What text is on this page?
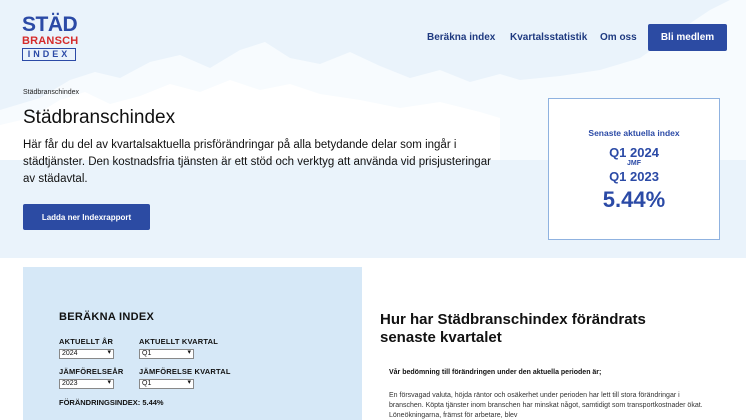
STÄD
BRANSCH
INDEX
Beräkna index Kvartalsstatistik Om oss	Bli medlem
Städbranschindex
Städbranschindex

Här får du del av kvartalsaktuella prisförändringar på alla betydande delar som ingår i städtjänster. Den kostnadsfria tjänsten är ett stöd och verktyg att använda vid prisjusteringar av städavtal.

Ladda ner Indexrapport
Senaste aktuella index
Q1 2024
JMF
Q1 2023
5.44%
BERÄKNA INDEX
AKTUELLT ÅR
2024 ▾
AKTUELLT KVARTAL
Q1 ▾
JÄMFÖRELSEÅR
2023 ▾
JÄMFÖRELSE KVARTAL
Q1 ▾
FÖRÄNDRINGSINDEX: 5.44%
Hur har Städbranschindex förändrats senaste kvartalet
Vår bedömning till förändringen under den aktuella perioden är;
En försvagad valuta, höjda räntor och osäkerhet under perioden har lett till stora förändringar i branschen. Köpta tjänster inom branschen har minskat något, samtidigt som transportkostnader ökat. Löneökningarna, främst för arbetare, blev
